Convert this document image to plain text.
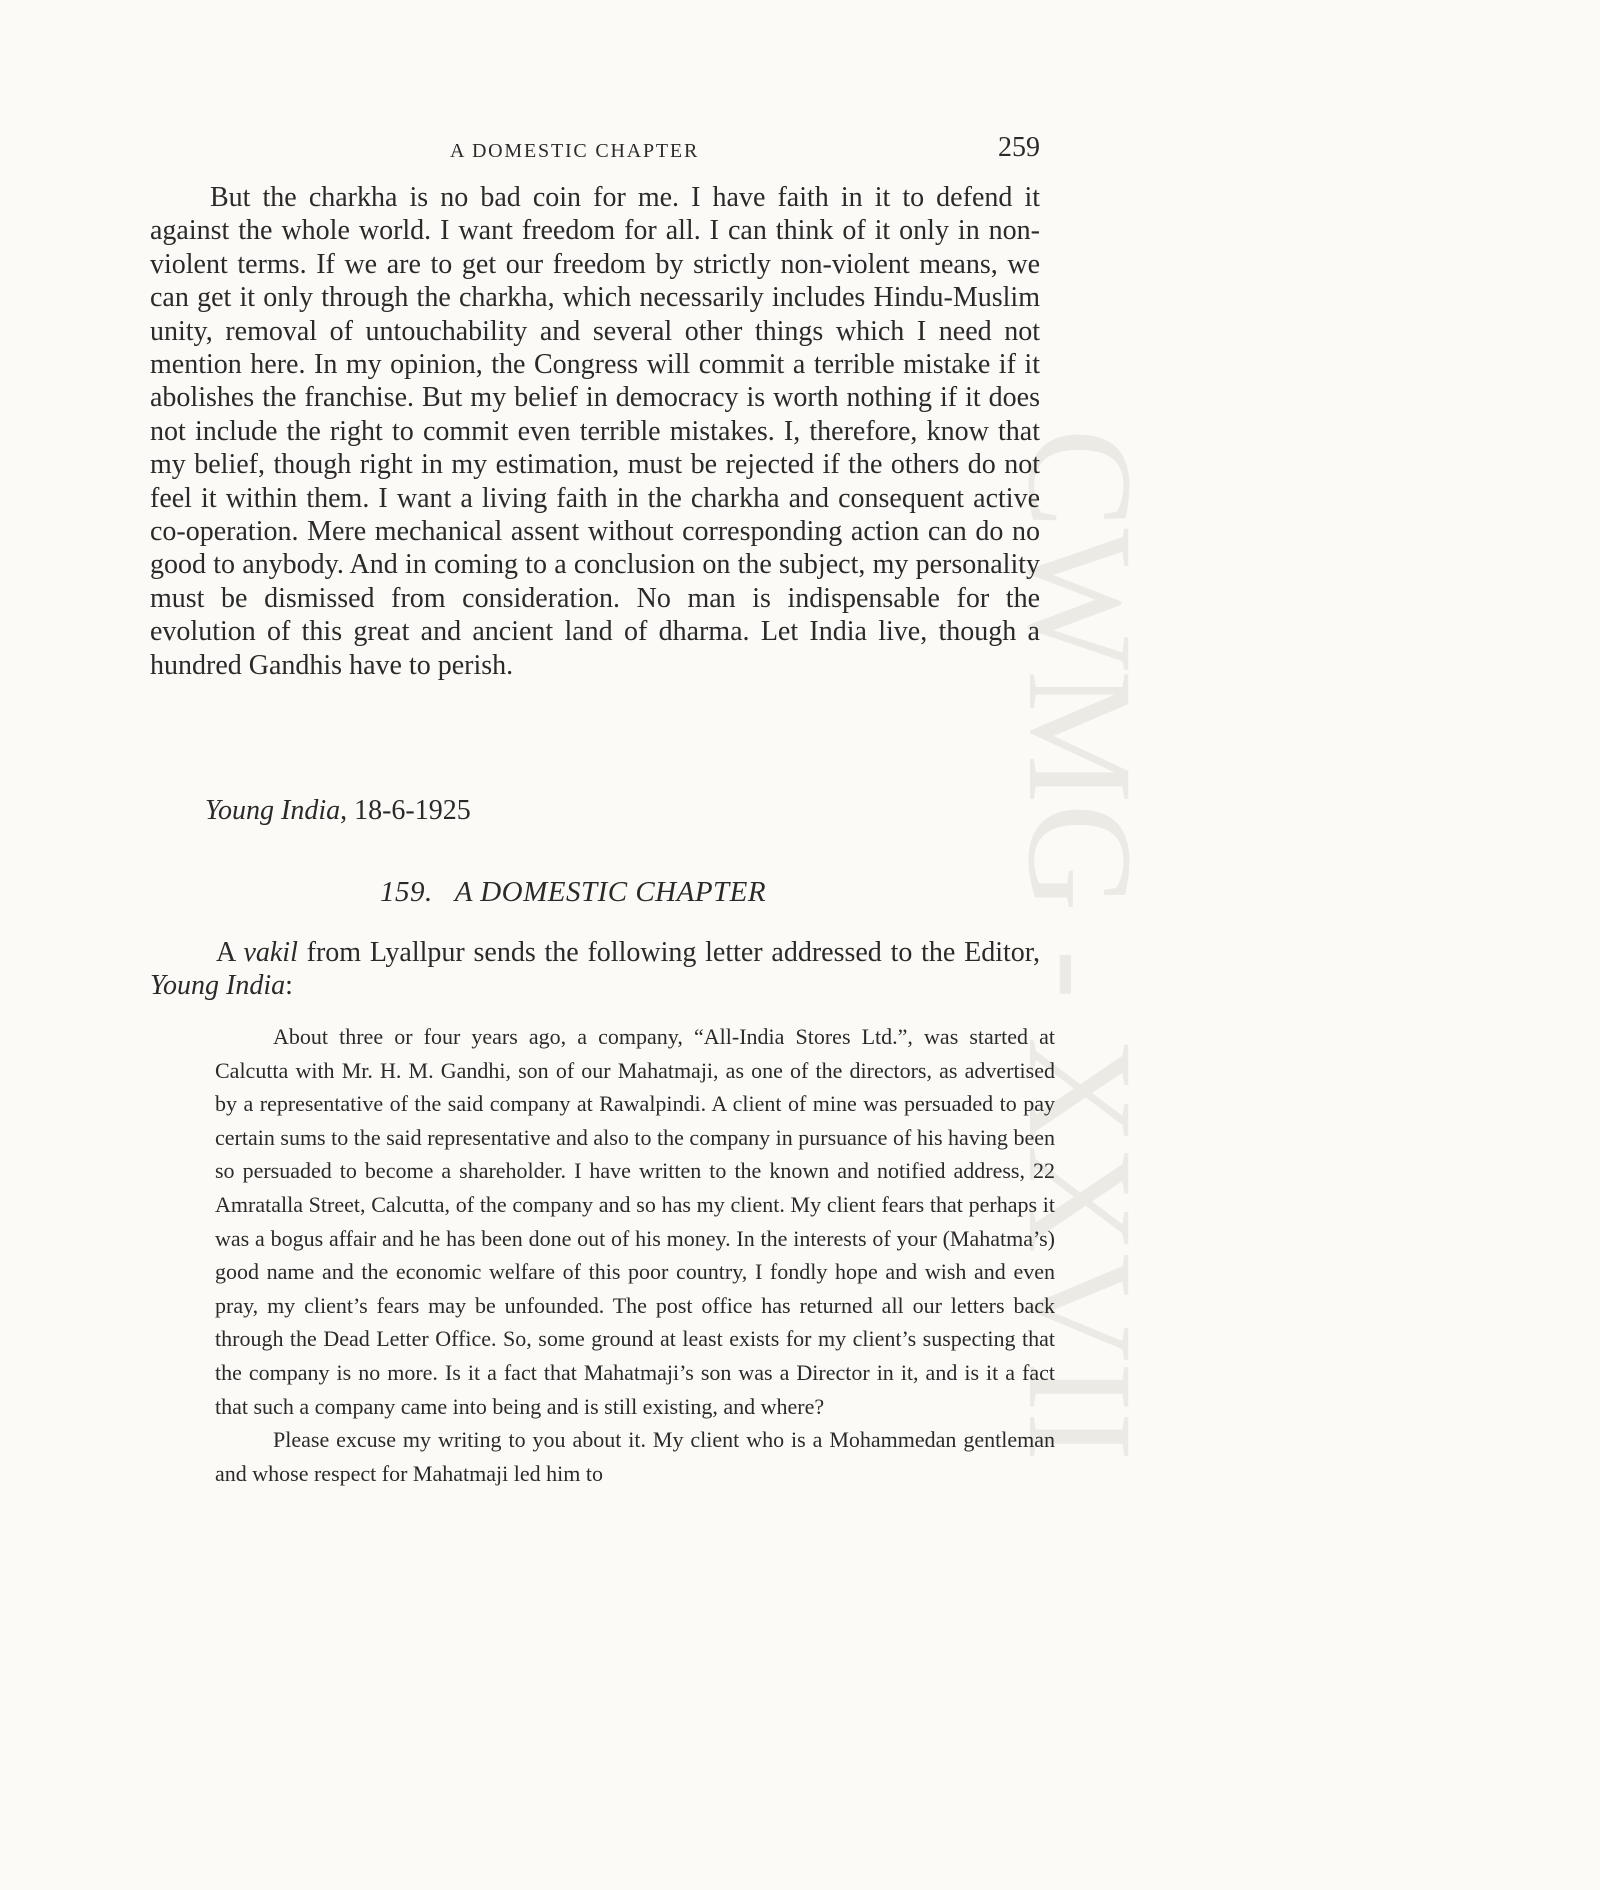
A DOMESTIC CHAPTER	259
CWMG - XXVII

But the charkha is no bad coin for me. I have faith in it to defend it against the whole world. I want freedom for all. I can think of it only in non-violent terms. If we are to get our freedom by strictly non-violent means, we can get it only through the charkha, which necessarily includes Hindu-Muslim unity, removal of untouchability and several other things which I need not mention here. In my opinion, the Congress will commit a terrible mistake if it abolishes the franchise. But my belief in democracy is worth nothing if it does not include the right to commit even terrible mistakes. I, therefore, know that my belief, though right in my estimation, must be rejected if the others do not feel it within them. I want a living faith in the charkha and consequent active co-operation. Mere mechanical assent without corresponding action can do no good to anybody. And in coming to a conclusion on the subject, my personality must be dismissed from consideration. No man is indispensable for the evolution of this great and ancient land of dharma. Let India live, though a hundred Gandhis have to perish.

Young India, 18-6-1925
159. A DOMESTIC CHAPTER

A vakil from Lyallpur sends the following letter addressed to the Editor, Young India:

About three or four years ago, a company, “All-India Stores Ltd.”, was started at Calcutta with Mr. H. M. Gandhi, son of our Mahatmaji, as one of the directors, as advertised by a representative of the said company at Rawalpindi. A client of mine was persuaded to pay certain sums to the said representative and also to the company in pursuance of his having been so persuaded to become a shareholder. I have written to the known and notified address, 22 Amratalla Street, Calcutta, of the company and so has my client. My client fears that perhaps it was a bogus affair and he has been done out of his money. In the interests of your (Mahatma’s) good name and the economic welfare of this poor country, I fondly hope and wish and even pray, my client’s fears may be unfounded. The post office has returned all our letters back through the Dead Letter Office. So, some ground at least exists for my client’s suspecting that the company is no more. Is it a fact that Mahatmaji’s son was a Director in it, and is it a fact that such a company came into being and is still existing, and where?

Please excuse my writing to you about it. My client who is a Mohammedan gentleman and whose respect for Mahatmaji led him to
